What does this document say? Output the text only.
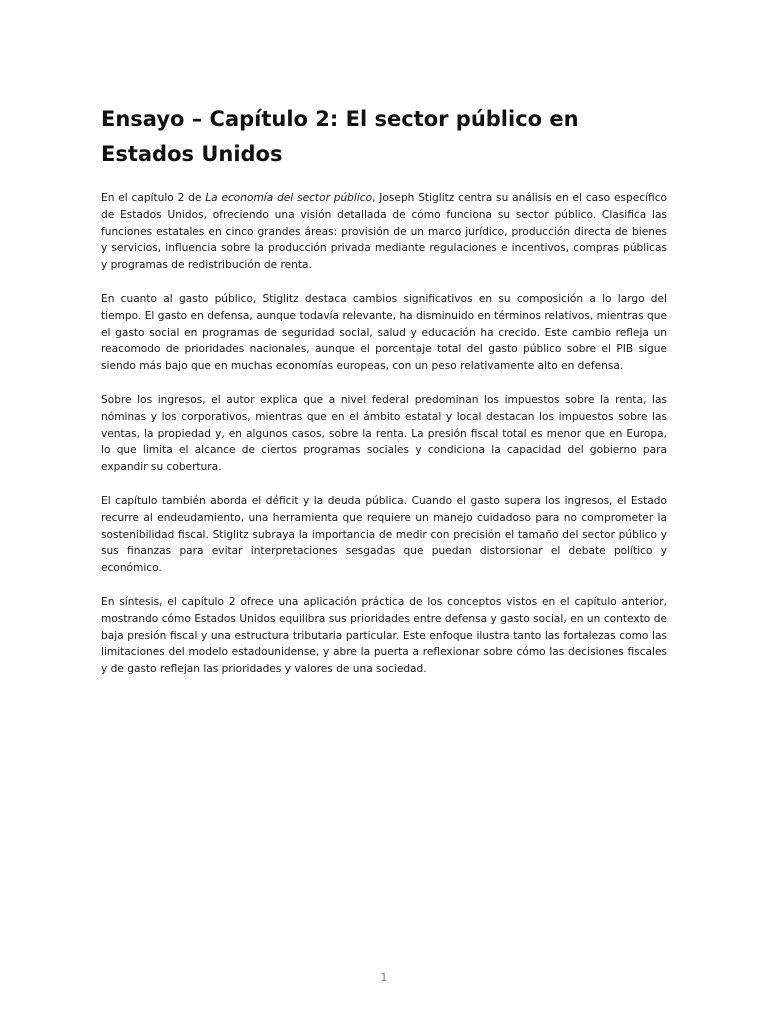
Ensayo – Capítulo 2: El sector público en Estados Unidos

En el capítulo 2 de La economía del sector público, Joseph Stiglitz centra su análisis en el caso específico de Estados Unidos, ofreciendo una visión detallada de cómo funciona su sector público. Clasifica las funciones estatales en cinco grandes áreas: provisión de un marco jurídico, producción directa de bienes y servicios, influencia sobre la producción privada mediante regulaciones e incentivos, compras públicas y programas de redistribución de renta.

En cuanto al gasto público, Stiglitz destaca cambios significativos en su composición a lo largo del tiempo. El gasto en defensa, aunque todavía relevante, ha disminuido en términos relativos, mientras que el gasto social en programas de seguridad social, salud y educación ha crecido. Este cambio refleja un reacomodo de prioridades nacionales, aunque el porcentaje total del gasto público sobre el PIB sigue siendo más bajo que en muchas economías europeas, con un peso relativamente alto en defensa.

Sobre los ingresos, el autor explica que a nivel federal predominan los impuestos sobre la renta, las nóminas y los corporativos, mientras que en el ámbito estatal y local destacan los impuestos sobre las ventas, la propiedad y, en algunos casos, sobre la renta. La presión fiscal total es menor que en Europa, lo que limita el alcance de ciertos programas sociales y condiciona la capacidad del gobierno para expandir su cobertura.

El capítulo también aborda el déficit y la deuda pública. Cuando el gasto supera los ingresos, el Estado recurre al endeudamiento, una herramienta que requiere un manejo cuidadoso para no comprometer la sostenibilidad fiscal. Stiglitz subraya la importancia de medir con precisión el tamaño del sector público y sus finanzas para evitar interpretaciones sesgadas que puedan distorsionar el debate político y económico.

En síntesis, el capítulo 2 ofrece una aplicación práctica de los conceptos vistos en el capítulo anterior, mostrando cómo Estados Unidos equilibra sus prioridades entre defensa y gasto social, en un contexto de baja presión fiscal y una estructura tributaria particular. Este enfoque ilustra tanto las fortalezas como las limitaciones del modelo estadounidense, y abre la puerta a reflexionar sobre cómo las decisiones fiscales y de gasto reflejan las prioridades y valores de una sociedad.

1
